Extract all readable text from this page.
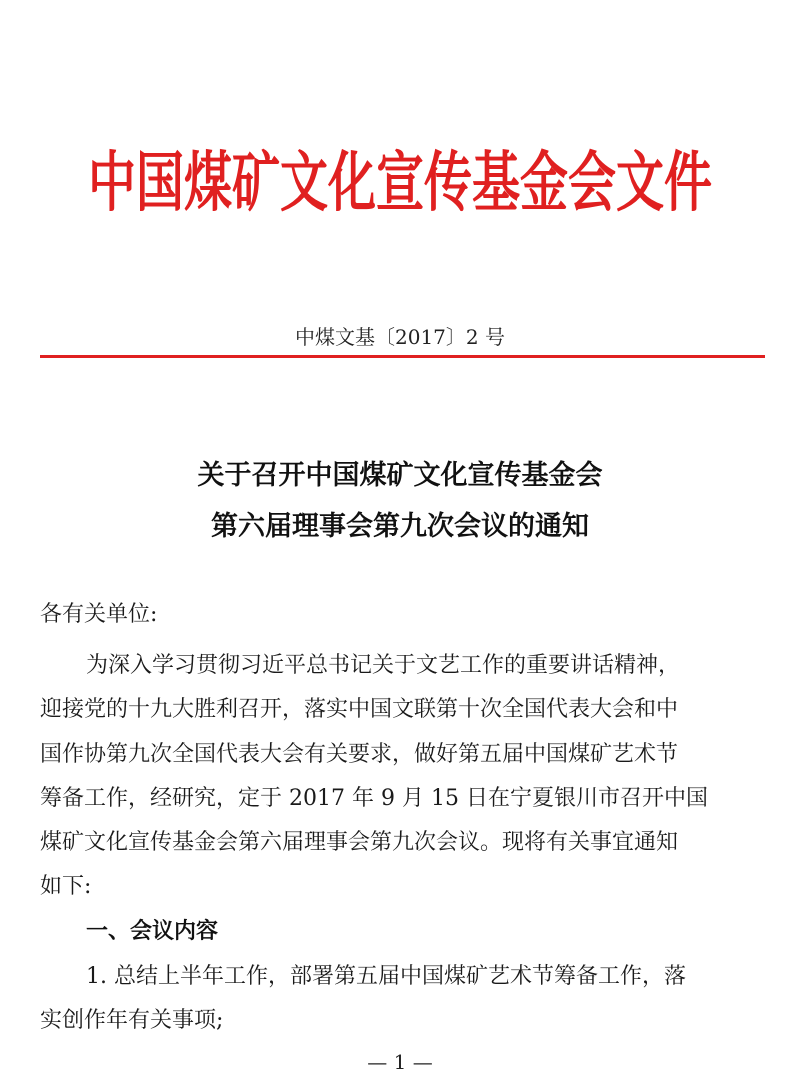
中国煤矿文化宣传基金会文件
中煤文基〔2017〕2 号
关于召开中国煤矿文化宣传基金会
第六届理事会第九次会议的通知
各有关单位:
为深入学习贯彻习近平总书记关于文艺工作的重要讲话精神，
迎接党的十九大胜利召开，落实中国文联第十次全国代表大会和中
国作协第九次全国代表大会有关要求，做好第五届中国煤矿艺术节
筹备工作，经研究，定于 2017 年 9 月 15 日在宁夏银川市召开中国
煤矿文化宣传基金会第六届理事会第九次会议。现将有关事宜通知
如下:
一、会议内容
1. 总结上半年工作，部署第五届中国煤矿艺术节筹备工作，落
实创作年有关事项;
— 1 —
